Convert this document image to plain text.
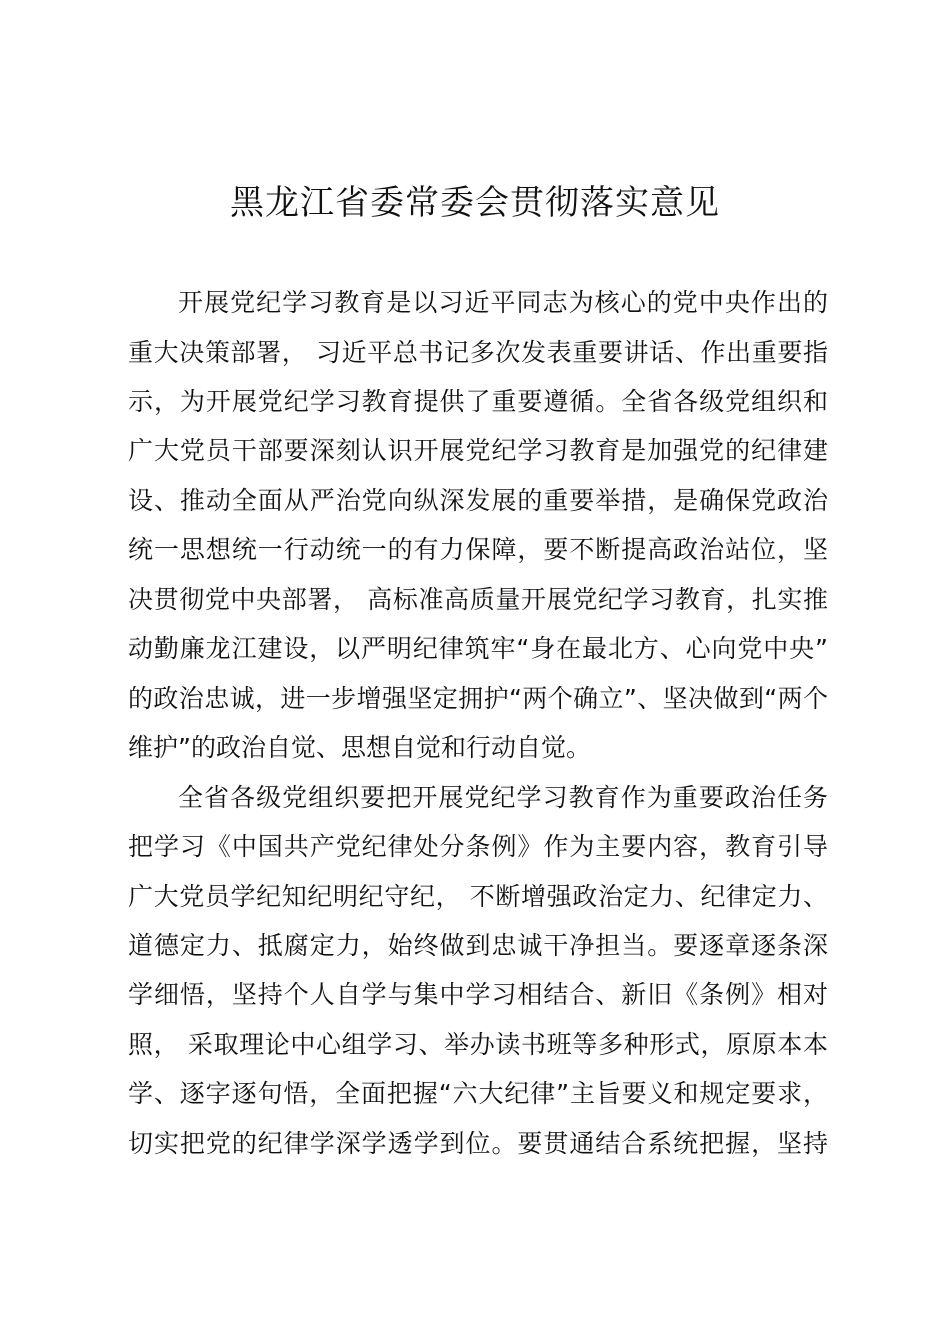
黑龙江省委常委会贯彻落实意见
开展党纪学习教育是以习近平同志为核心的党中央作出的
重大决策部署， 习近平总书记多次发表重要讲话、作出重要指
示，为开展党纪学习教育提供了重要遵循。全省各级党组织和
广大党员干部要深刻认识开展党纪学习教育是加强党的纪律建
设、推动全面从严治党向纵深发展的重要举措，是确保党政治
统一思想统一行动统一的有力保障，要不断提高政治站位，坚
决贯彻党中央部署， 高标准高质量开展党纪学习教育，扎实推
动勤廉龙江建设，以严明纪律筑牢“身在最北方、心向党中央”
的政治忠诚，进一步增强坚定拥护“两个确立”、坚决做到“两个
维护”的政治自觉、思想自觉和行动自觉。
全省各级党组织要把开展党纪学习教育作为重要政治任务
把学习《中国共产党纪律处分条例》作为主要内容，教育引导
广大党员学纪知纪明纪守纪， 不断增强政治定力、纪律定力、
道德定力、抵腐定力，始终做到忠诚干净担当。要逐章逐条深
学细悟，坚持个人自学与集中学习相结合、新旧《条例》相对
照， 采取理论中心组学习、举办读书班等多种形式，原原本本
学、逐字逐句悟，全面把握“六大纪律”主旨要义和规定要求，
切实把党的纪律学深学透学到位。要贯通结合系统把握，坚持
